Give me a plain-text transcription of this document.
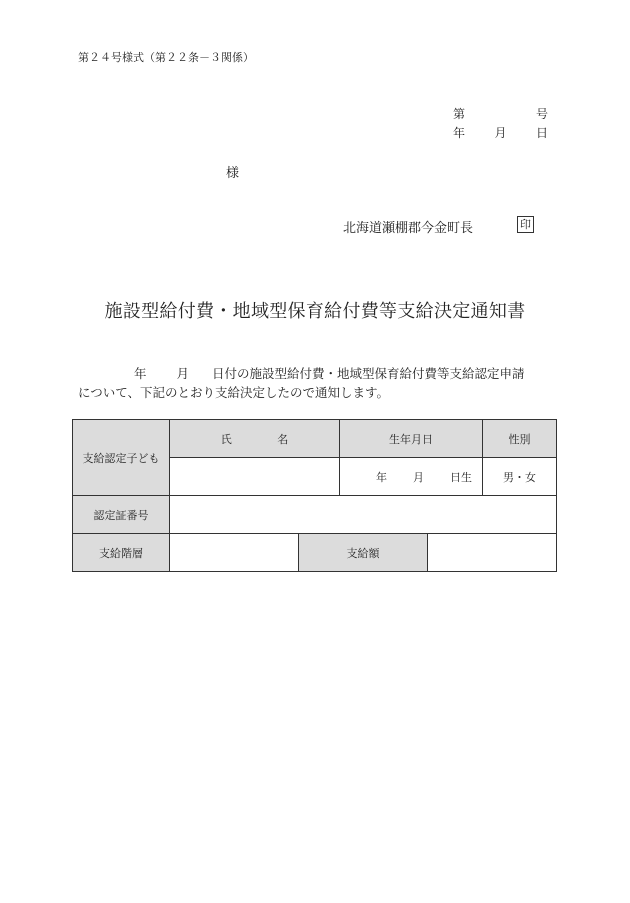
第２４号様式（第２２条－３関係）
第	号
年 月 日
様
北海道瀬棚郡今金町長	印
施設型給付費・地域型保育給付費等支給決定通知書
年 月 日付の施設型給付費・地域型保育給付費等支給認定申請
について、下記のとおり支給決定したので通知します。
支給認定子ども	氏 名		生年月日		性別

			年 月 日生		男・女
認定証番号					
支給階層		支給額			
